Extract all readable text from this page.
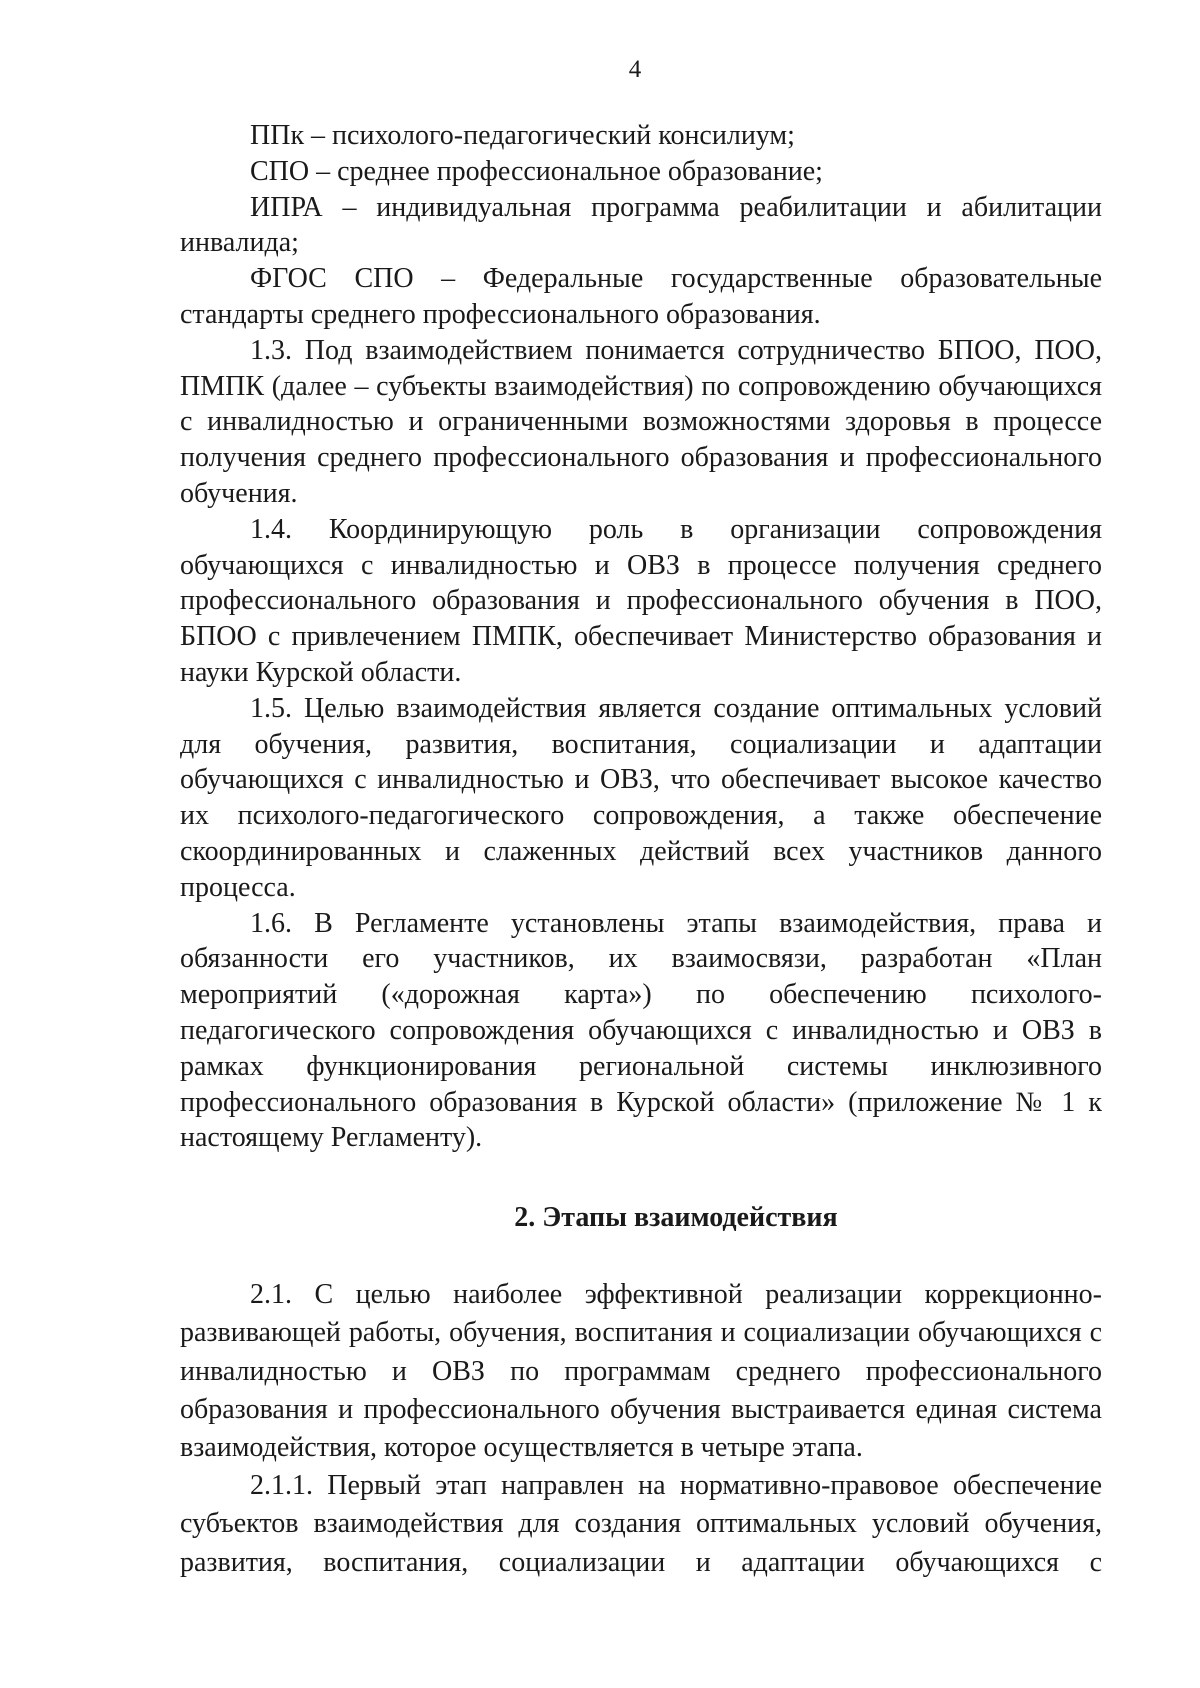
4

ППк – психолого-педагогический консилиум;

СПО – среднее профессиональное образование;

ИПРА – индивидуальная программа реабилитации и абилитации инвалида;

ФГОС СПО – Федеральные государственные образовательные стандарты среднего профессионального образования.

1.3. Под взаимодействием понимается сотрудничество БПОО, ПОО, ПМПК (далее – субъекты взаимодействия) по сопровождению обучающихся с инвалидностью и ограниченными возможностями здоровья в процессе получения среднего профессионального образования и профессионального обучения.

1.4. Координирующую роль в организации сопровождения обучающихся с инвалидностью и ОВЗ в процессе получения среднего профессионального образования и профессионального обучения в ПОО, БПОО с привлечением ПМПК, обеспечивает Министерство образования и науки Курской области.

1.5. Целью взаимодействия является создание оптимальных условий для обучения, развития, воспитания, социализации и адаптации обучающихся с инвалидностью и ОВЗ, что обеспечивает высокое качество их психолого-педагогического сопровождения, а также обеспечение скоординированных и слаженных действий всех участников данного процесса.

1.6. В Регламенте установлены этапы взаимодействия, права и обязанности его участников, их взаимосвязи, разработан «План мероприятий («дорожная карта») по обеспечению психолого-педагогического сопровождения обучающихся с инвалидностью и ОВЗ в рамках функционирования региональной системы инклюзивного профессионального образования в Курской области» (приложение № 1 к настоящему Регламенту).

2. Этапы взаимодействия

2.1. С целью наиболее эффективной реализации коррекционно-развивающей работы, обучения, воспитания и социализации обучающихся с инвалидностью и ОВЗ по программам среднего профессионального образования и профессионального обучения выстраивается единая система взаимодействия, которое осуществляется в четыре этапа.

2.1.1. Первый этап направлен на нормативно-правовое обеспечение субъектов взаимодействия для создания оптимальных условий обучения, развития, воспитания, социализации и адаптации обучающихся с
